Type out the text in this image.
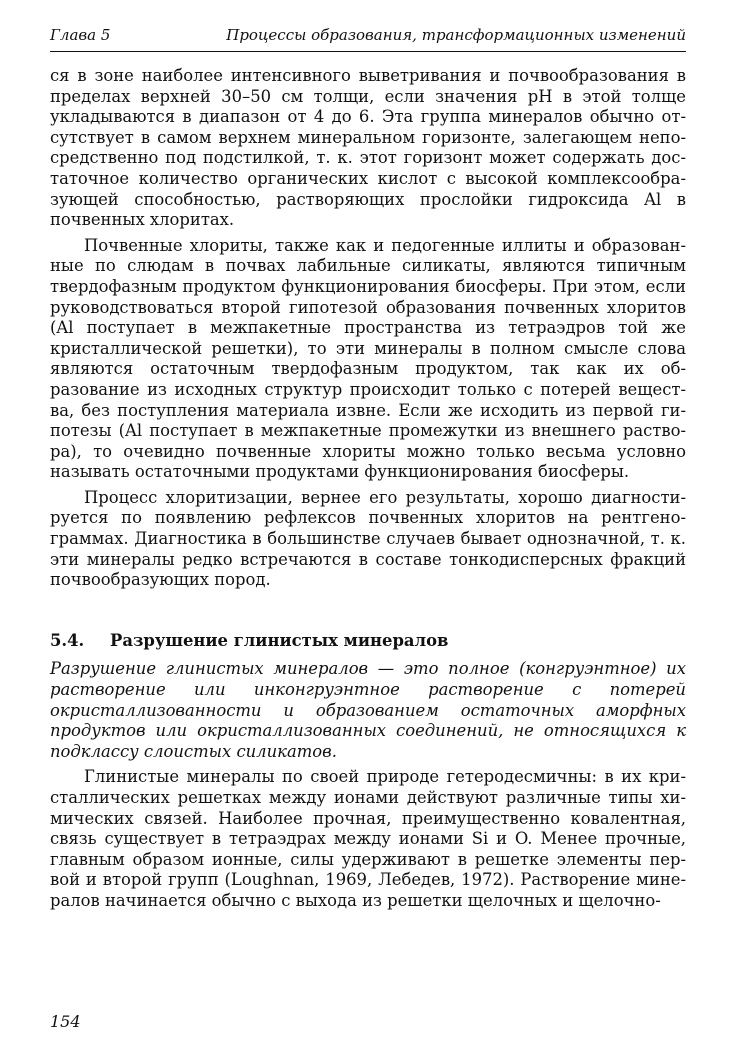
Глава 5	Процессы образования, трансформационных изменений

ся в зоне наиболее интенсивного выветривания и почвообразования в пределах верхней 30–50 см толщи, если значения pH в этой толще укладываются в диапазон от 4 до 6. Эта группа минералов обычно отсутствует в самом верхнем минеральном горизонте, залегающем непосредственно под подстилкой, т. к. этот горизонт может содержать достаточное количество органических кислот с высокой комплексообразующей способностью, растворяющих прослойки гидроксида Al в почвенных хлоритах.

Почвенные хлориты, также как и педогенные иллиты и образованные по слюдам в почвах лабильные силикаты, являются типичным твердофазным продуктом функционирования биосферы. При этом, если руководствоваться второй гипотезой образования почвенных хлоритов (Al поступает в межпакетные пространства из тетраэдров той же кристаллической решетки), то эти минералы в полном смысле слова являются остаточным твердофазным продуктом, так как их образование из исходных структур происходит только с потерей вещества, без поступления материала извне. Если же исходить из первой гипотезы (Al поступает в межпакетные промежутки из внешнего раствора), то очевидно почвенные хлориты можно только весьма условно называть остаточными продуктами функционирования биосферы.

Процесс хлоритизации, вернее его результаты, хорошо диагностируется по появлению рефлексов почвенных хлоритов на рентгенограммах. Диагностика в большинстве случаев бывает однозначной, т. к. эти минералы редко встречаются в составе тонкодисперсных фракций почвообразующих пород.

5.4. Разрушение глинистых минералов

Разрушение глинистых минералов — это полное (конгруэнтное) их растворение или инконгруэнтное растворение с потерей окристаллизованности и образованием остаточных аморфных продуктов или окристаллизованных соединений, не относящихся к подклассу слоистых силикатов.

Глинистые минералы по своей природе гетеродесмичны: в их кристаллических решетках между ионами действуют различные типы химических связей. Наиболее прочная, преимущественно ковалентная, связь существует в тетраэдрах между ионами Si и O. Менее прочные, главным образом ионные, силы удерживают в решетке элементы первой и второй групп (Loughnan, 1969, Лебедев, 1972). Растворение минералов начинается обычно с выхода из решетки щелочных и щелочно-

154
